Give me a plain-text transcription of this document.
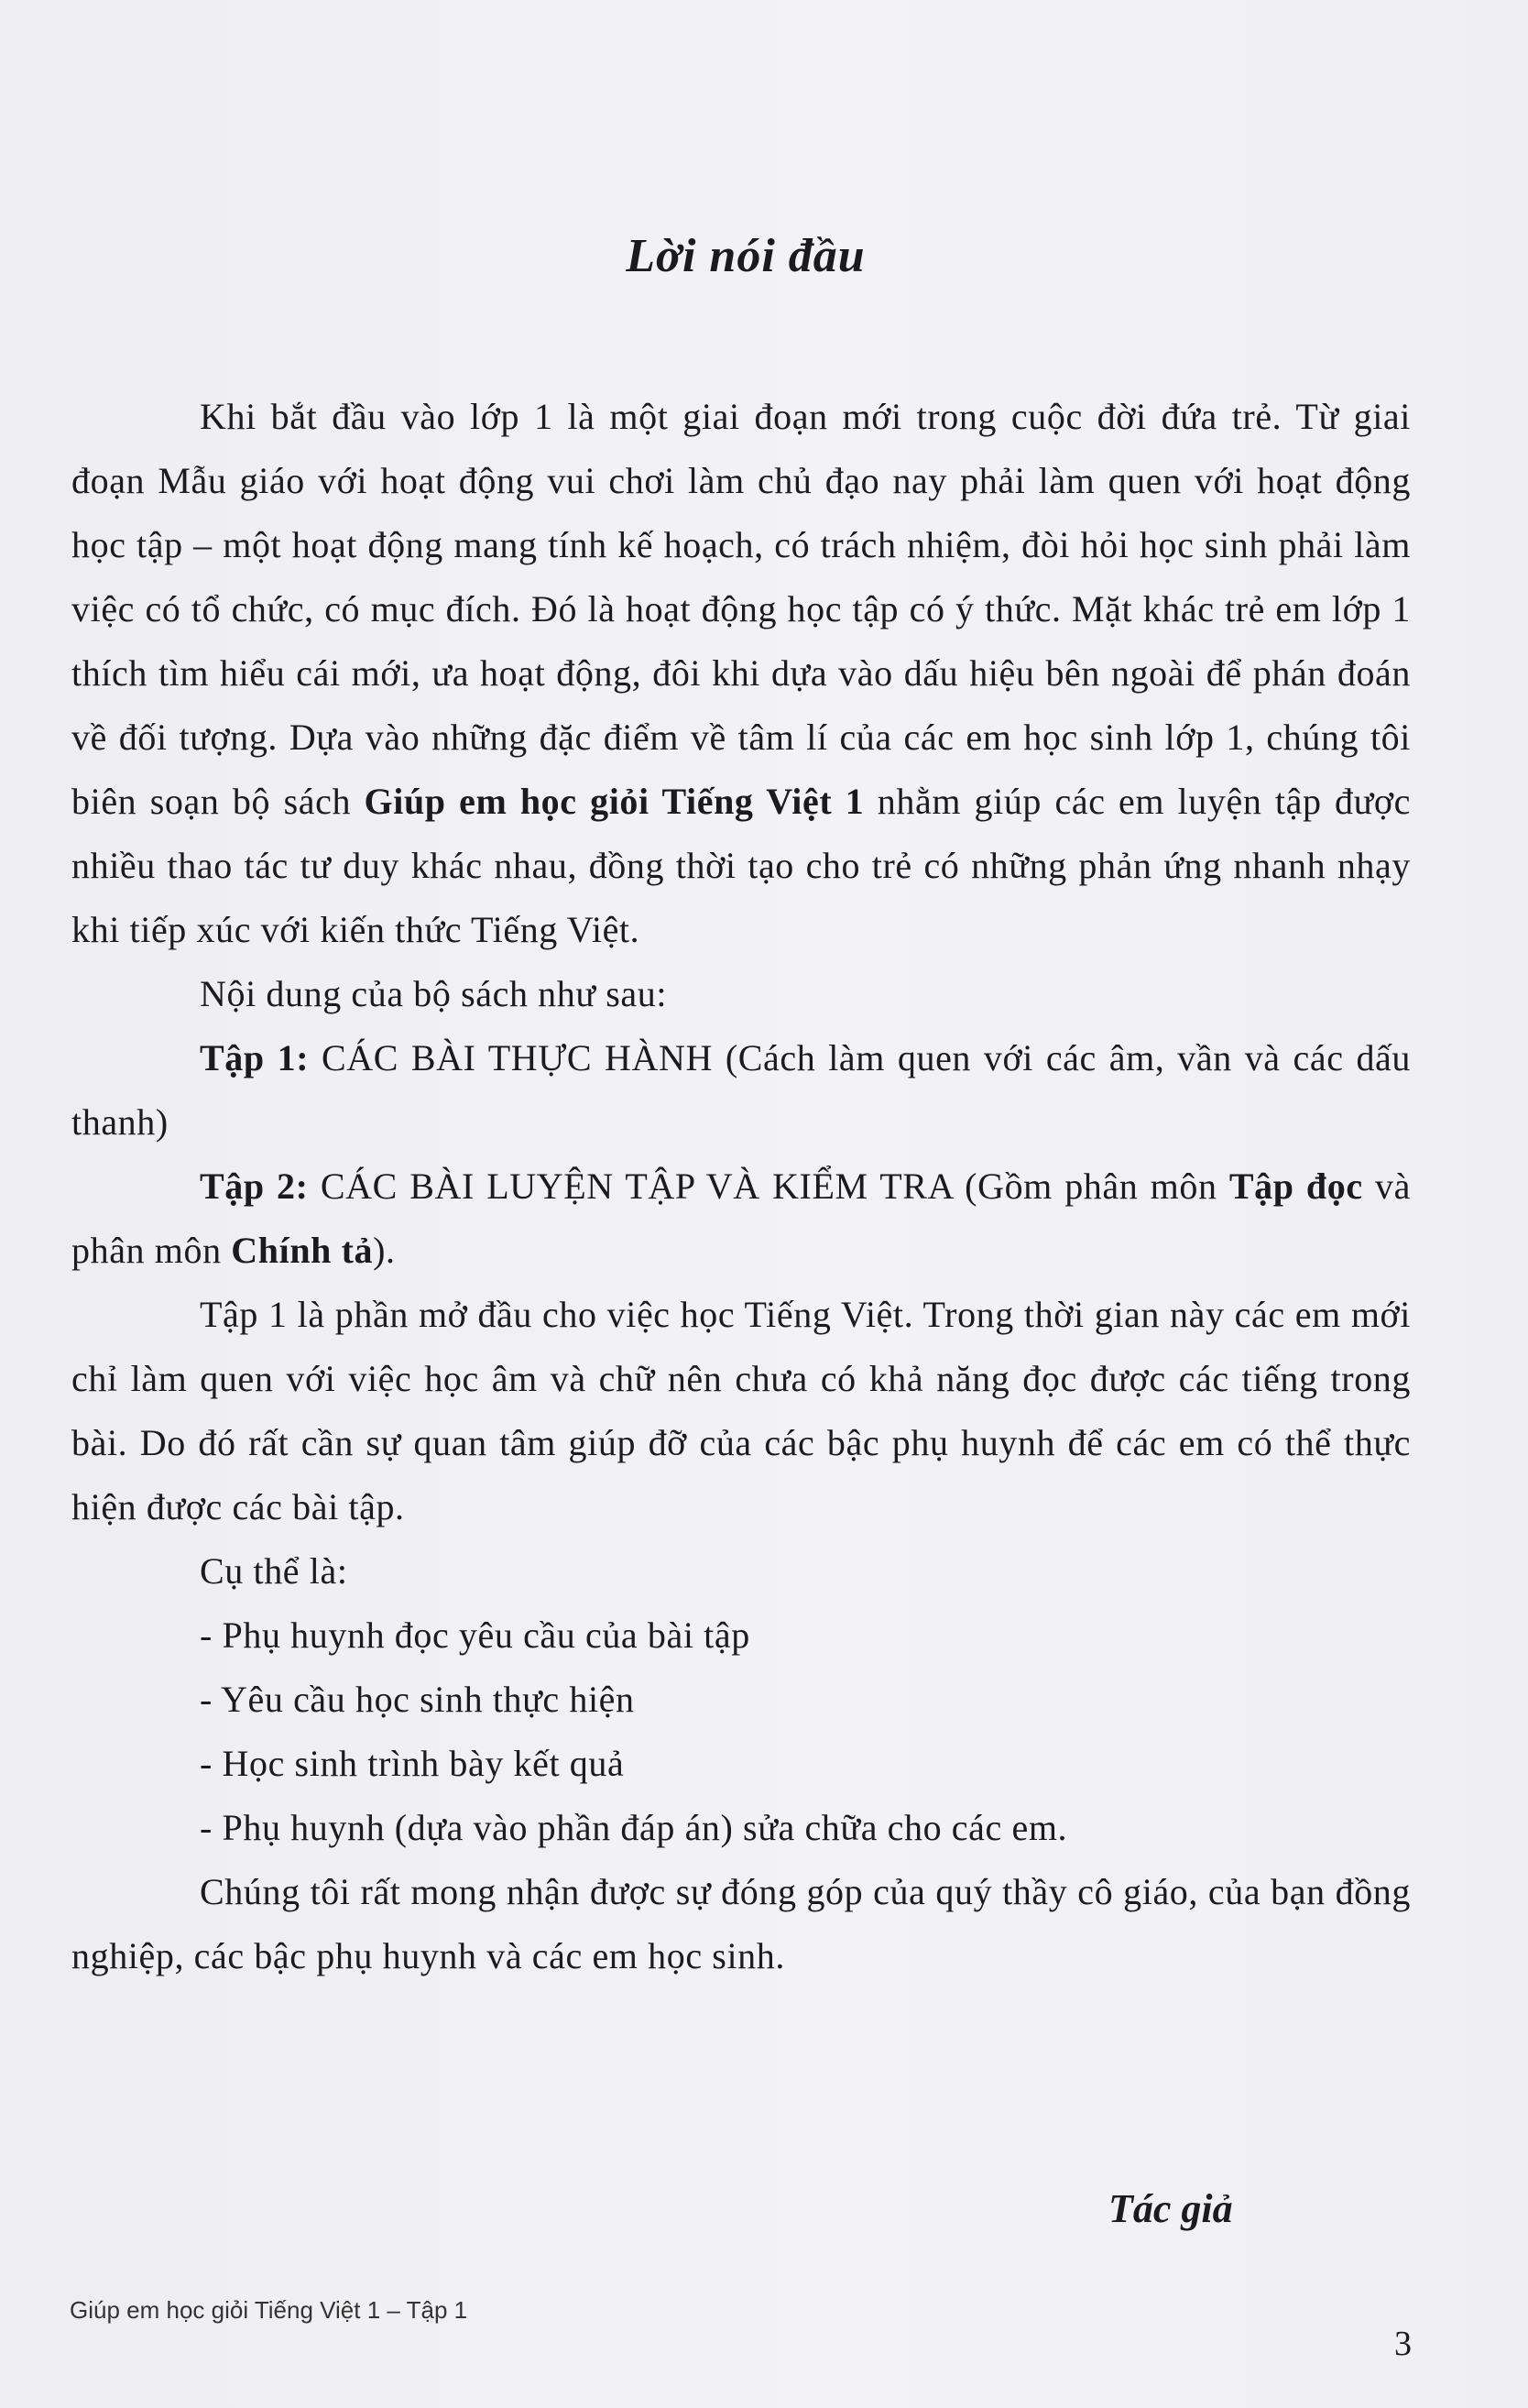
Lời nói đầu

Khi bắt đầu vào lớp 1 là một giai đoạn mới trong cuộc đời đứa trẻ. Từ giai đoạn Mẫu giáo với hoạt động vui chơi làm chủ đạo nay phải làm quen với hoạt động học tập – một hoạt động mang tính kế hoạch, có trách nhiệm, đòi hỏi học sinh phải làm việc có tổ chức, có mục đích. Đó là hoạt động học tập có ý thức. Mặt khác trẻ em lớp 1 thích tìm hiểu cái mới, ưa hoạt động, đôi khi dựa vào dấu hiệu bên ngoài để phán đoán về đối tượng. Dựa vào những đặc điểm về tâm lí của các em học sinh lớp 1, chúng tôi biên soạn bộ sách Giúp em học giỏi Tiếng Việt 1 nhằm giúp các em luyện tập được nhiều thao tác tư duy khác nhau, đồng thời tạo cho trẻ có những phản ứng nhanh nhạy khi tiếp xúc với kiến thức Tiếng Việt.

Nội dung của bộ sách như sau:

Tập 1: CÁC BÀI THỰC HÀNH (Cách làm quen với các âm, vần và các dấu thanh)

Tập 2: CÁC BÀI LUYỆN TẬP VÀ KIỂM TRA (Gồm phân môn Tập đọc và phân môn Chính tả).

Tập 1 là phần mở đầu cho việc học Tiếng Việt. Trong thời gian này các em mới chỉ làm quen với việc học âm và chữ nên chưa có khả năng đọc được các tiếng trong bài. Do đó rất cần sự quan tâm giúp đỡ của các bậc phụ huynh để các em có thể thực hiện được các bài tập.

Cụ thể là:

- Phụ huynh đọc yêu cầu của bài tập
- Yêu cầu học sinh thực hiện
- Học sinh trình bày kết quả
- Phụ huynh (dựa vào phần đáp án) sửa chữa cho các em.

Chúng tôi rất mong nhận được sự đóng góp của quý thầy cô giáo, của bạn đồng nghiệp, các bậc phụ huynh và các em học sinh.

Tác giả
Giúp em học giỏi Tiếng Việt 1 – Tập 1
3
